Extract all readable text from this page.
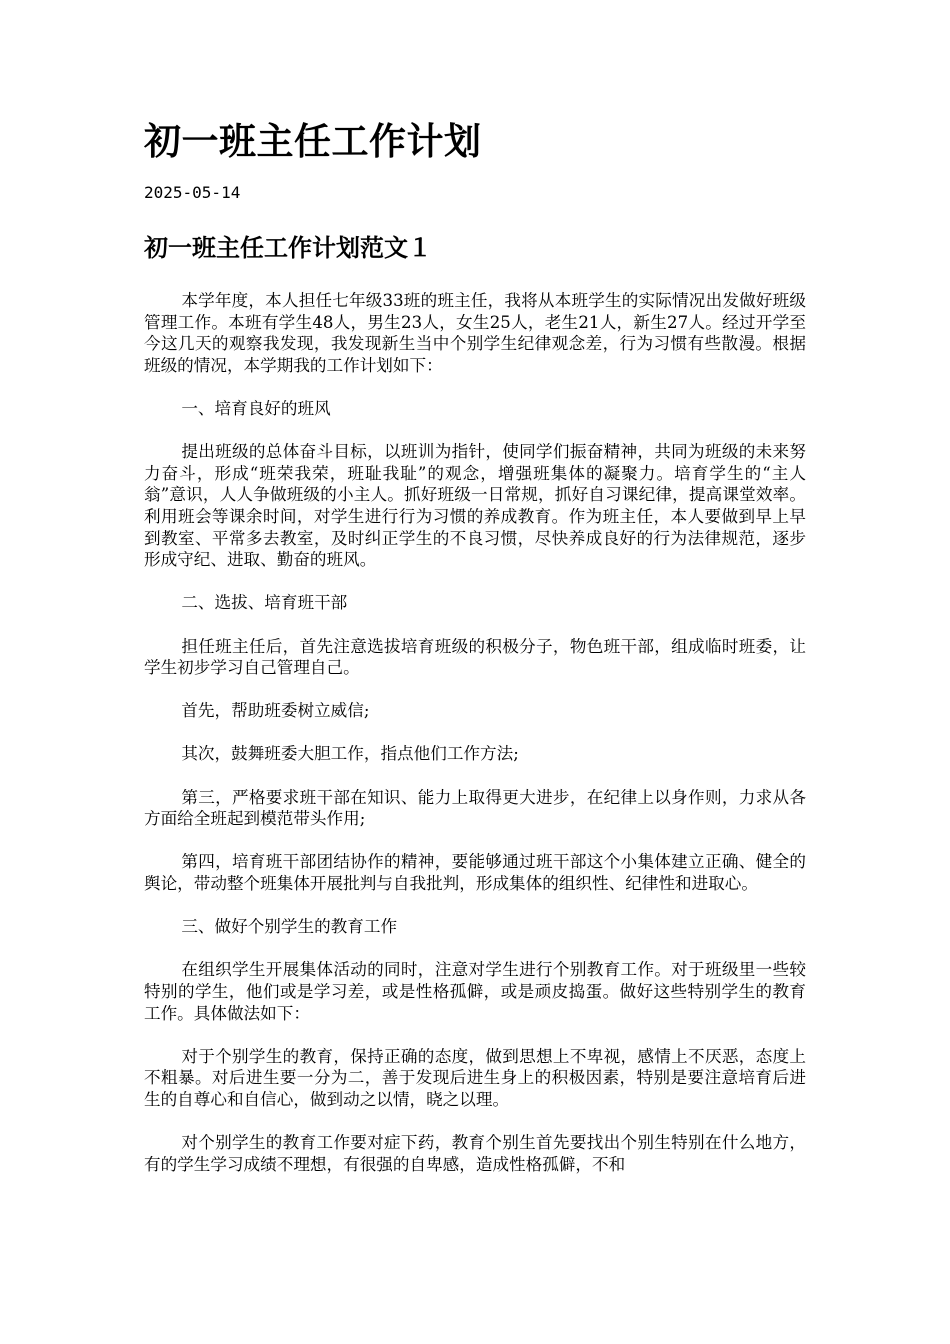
初一班主任工作计划
2025-05-14
初一班主任工作计划范文１

本学年度，本人担任七年级33班的班主任，我将从本班学生的实际情况出发做好班级管理工作。本班有学生48人，男生23人，女生25人，老生21人，新生27人。经过开学至今这几天的观察我发现，我发现新生当中个别学生纪律观念差，行为习惯有些散漫。根据班级的情况，本学期我的工作计划如下：

一、培育良好的班风

提出班级的总体奋斗目标，以班训为指针，使同学们振奋精神，共同为班级的未来努力奋斗，形成“班荣我荣，班耻我耻”的观念，增强班集体的凝聚力。培育学生的“主人翁”意识，人人争做班级的小主人。抓好班级一日常规，抓好自习课纪律，提高课堂效率。利用班会等课余时间，对学生进行行为习惯的养成教育。作为班主任，本人要做到早上早到教室、平常多去教室，及时纠正学生的不良习惯，尽快养成良好的行为法律规范，逐步形成守纪、进取、勤奋的班风。

二、选拔、培育班干部

担任班主任后，首先注意选拔培育班级的积极分子，物色班干部，组成临时班委，让学生初步学习自己管理自己。

首先，帮助班委树立威信;

其次，鼓舞班委大胆工作，指点他们工作方法;

第三，严格要求班干部在知识、能力上取得更大进步，在纪律上以身作则，力求从各方面给全班起到模范带头作用;

第四，培育班干部团结协作的精神，要能够通过班干部这个小集体建立正确、健全的舆论，带动整个班集体开展批判与自我批判，形成集体的组织性、纪律性和进取心。

三、做好个别学生的教育工作

在组织学生开展集体活动的同时，注意对学生进行个别教育工作。对于班级里一些较特别的学生，他们或是学习差，或是性格孤僻，或是顽皮捣蛋。做好这些特别学生的教育工作。具体做法如下：

对于个别学生的教育，保持正确的态度，做到思想上不卑视，感情上不厌恶，态度上不粗暴。对后进生要一分为二，善于发现后进生身上的积极因素，特别是要注意培育后进生的自尊心和自信心，做到动之以情，晓之以理。

对个别学生的教育工作要对症下药，教育个别生首先要找出个别生特别在什么地方，有的学生学习成绩不理想，有很强的自卑感，造成性格孤僻，不和
